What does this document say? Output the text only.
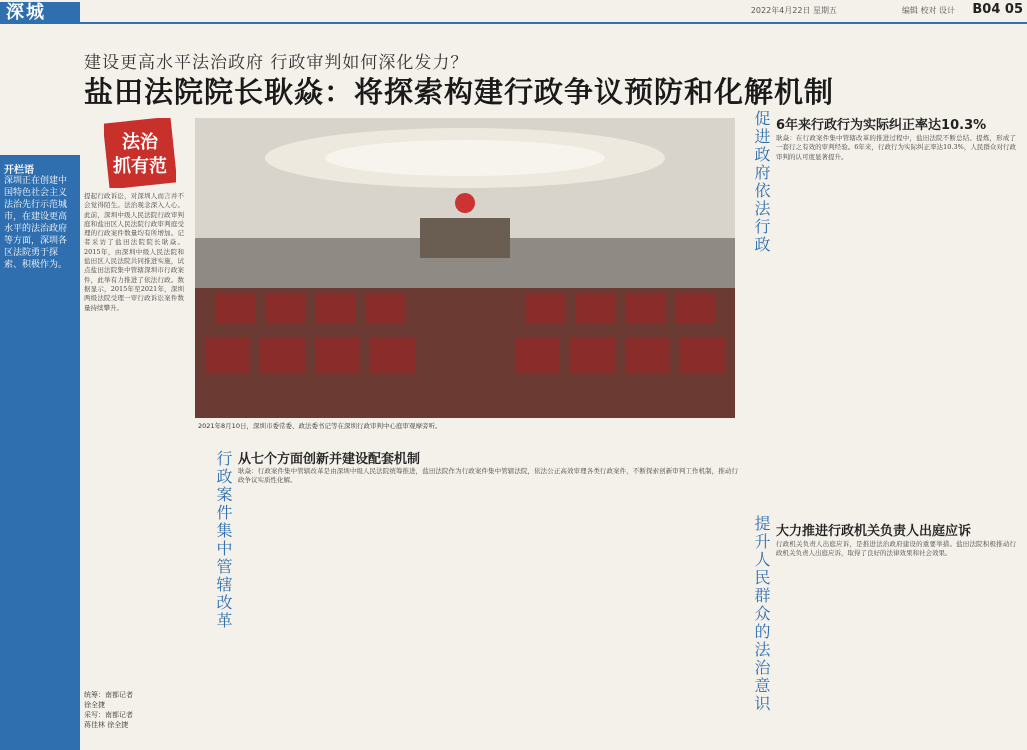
深城	2022年4月22日 星期五	编辑 校对 设计 B04 05
建设更高水平法治政府 行政审判如何深化发力？
盐田法院院长耿焱：将探索构建行政争议预防和化解机制
开栏语
深圳正在创建中国特色社会主义法治先行示范城市，在建设更高水平的法治政府等方面，深圳各区法院勇于探索、积极作为。
法治
抓有范
提起行政诉讼，对深圳人而言并不会觉得陌生。法治观念深入人心。此前，深圳中级人民法院行政审判庭和盐田区人民法院行政审判庭受理的行政案件数量均有所增加。记者采访了盐田法院院长耿焱。2015年，由深圳中级人民法院和盐田区人民法院共同推进实施，试点盐田法院集中管辖深圳市行政案件，此举有力推进了依法行政。数据显示，2015年至2021年，深圳两级法院受理一审行政诉讼案件数量持续攀升。
2021年8月10日，深圳市委常委、政法委书记等在深圳行政审判中心庭审观摩旁听。
促进政府依法行政 6年来行政行为实际纠正率达10.3%
耿焱：在行政案件集中管辖改革的推进过程中，盐田法院不断总结、提炼，形成了一套行之有效的审判经验。6年来，行政行为实际纠正率达10.3%，人民群众对行政审判的认可度显著提升。
行政案件集中管辖改革 从七个方面创新并建设配套机制
耿焱：行政案件集中管辖改革是由深圳中级人民法院统筹推进，盐田法院作为行政案件集中管辖法院，依法公正高效审理各类行政案件，不断探索创新审判工作机制，推动行政争议实质性化解。
提升人民群众的法治意识 大力推进行政机关负责人出庭应诉
行政机关负责人出庭应诉，是推进法治政府建设的重要举措。盐田法院积极推动行政机关负责人出庭应诉，取得了良好的法律效果和社会效果。
统筹：南都记者
徐全捷
采写：南都记者
蒋佳林 徐全捷
